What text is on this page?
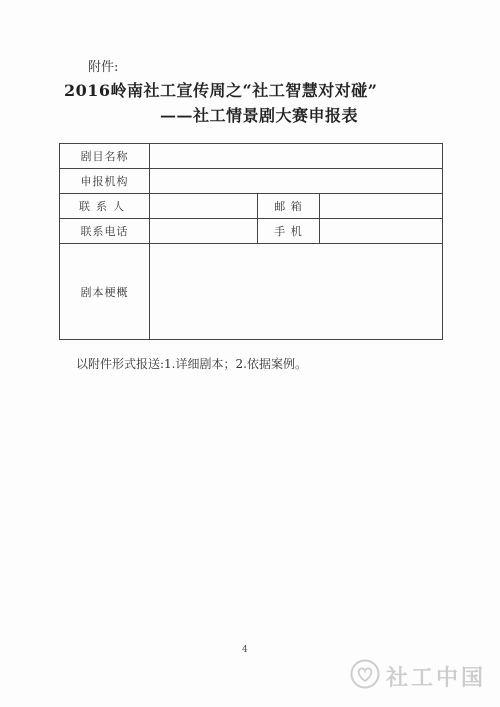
附件:
2016岭南社工宣传周之“社工智慧对对碰”
——社工情景剧大赛申报表
剧目名称			
申报机构			
联系人		邮 箱	
联系电话		手 机	
剧本梗概			
以附件形式报送:1.详细剧本；2.依据案例。
4
社工中国
